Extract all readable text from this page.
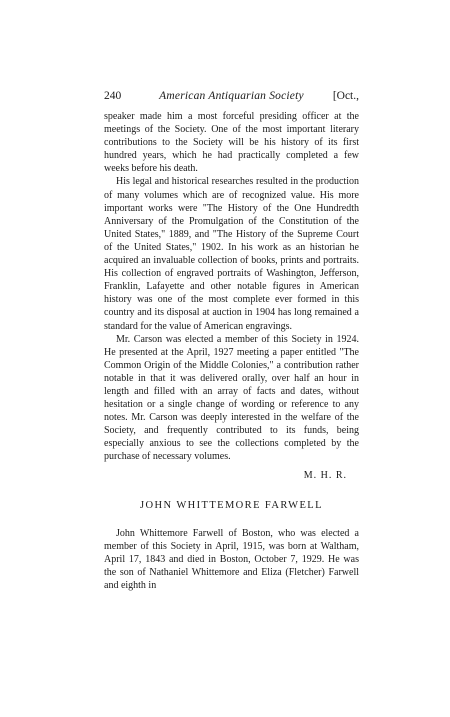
240	American Antiquarian Society	[Oct.,

speaker made him a most forceful presiding officer at the meetings of the Society. One of the most important literary contributions to the Society will be his history of its first hundred years, which he had practically completed a few weeks before his death.

His legal and historical researches resulted in the production of many volumes which are of recognized value. His more important works were "The History of the One Hundredth Anniversary of the Promulgation of the Constitution of the United States," 1889, and "The History of the Supreme Court of the United States," 1902. In his work as an historian he acquired an invaluable collection of books, prints and portraits. His collection of engraved portraits of Washington, Jefferson, Franklin, Lafayette and other notable figures in American history was one of the most complete ever formed in this country and its disposal at auction in 1904 has long remained a standard for the value of American engravings.

Mr. Carson was elected a member of this Society in 1924. He presented at the April, 1927 meeting a paper entitled "The Common Origin of the Middle Colonies," a contribution rather notable in that it was delivered orally, over half an hour in length and filled with an array of facts and dates, without hesitation or a single change of wording or reference to any notes. Mr. Carson was deeply interested in the welfare of the Society, and frequently contributed to its funds, being especially anxious to see the collections completed by the purchase of necessary volumes.

M. H. R.

JOHN WHITTEMORE FARWELL

John Whittemore Farwell of Boston, who was elected a member of this Society in April, 1915, was born at Waltham, April 17, 1843 and died in Boston, October 7, 1929. He was the son of Nathaniel Whittemore and Eliza (Fletcher) Farwell and eighth in
